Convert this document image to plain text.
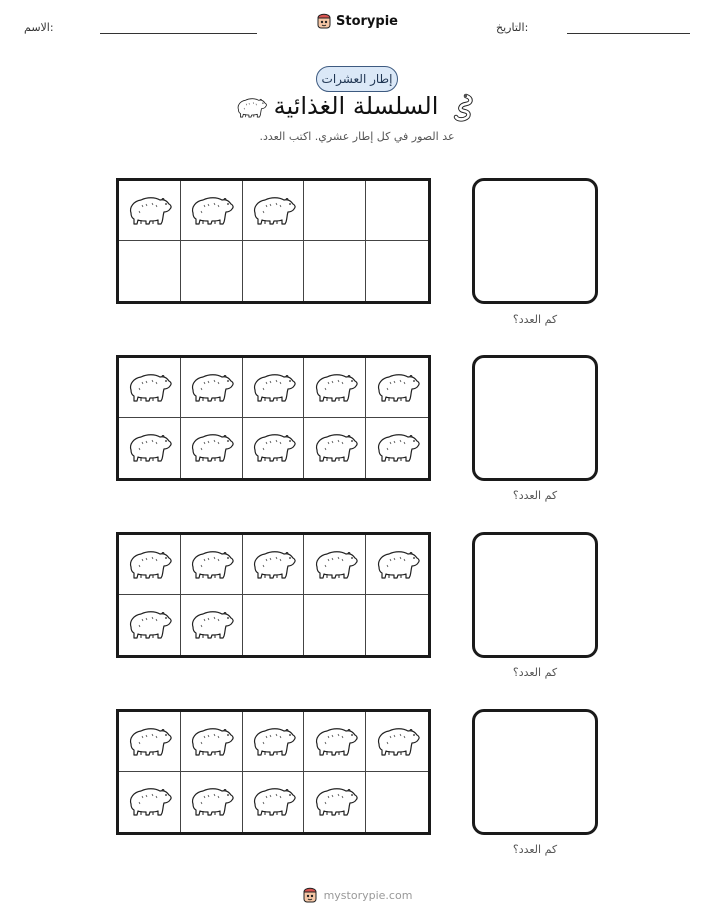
الاسم:	Storypie	التاريخ:
إطار العشرات
السلسلة الغذائية
عد الصور في كل إطار عشري. اكتب العدد.
كم العدد؟
كم العدد؟
كم العدد؟
كم العدد؟
mystorypie.com
